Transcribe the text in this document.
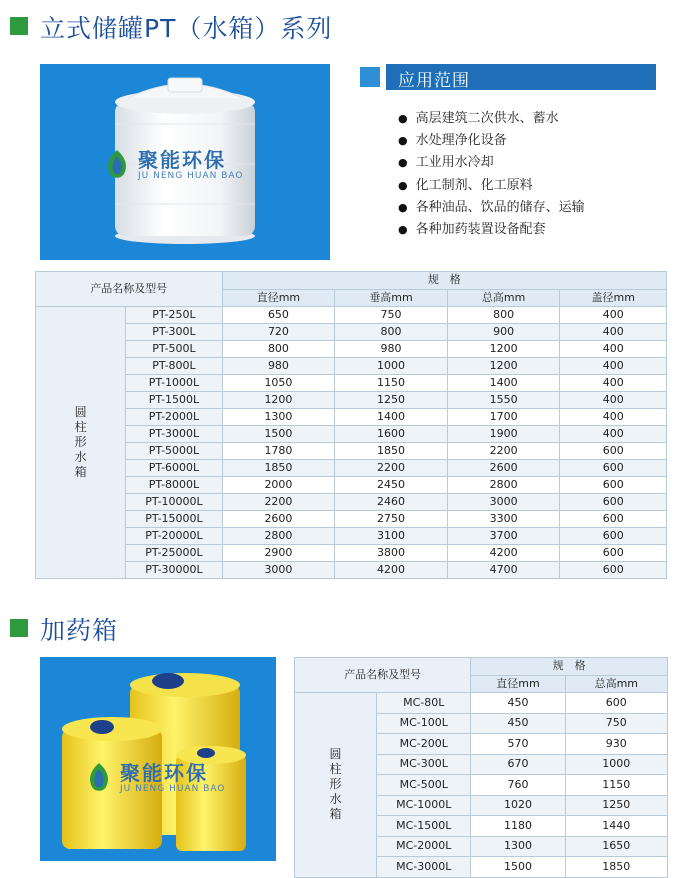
立式储罐PT（水箱）系列
聚能环保
JU NENG HUAN BAO
应用范围
● 高层建筑二次供水、蓄水
● 水处理净化设备
● 工业用水冷却
● 化工制剂、化工原料
● 各种油品、饮品的储存、运输
● 各种加药装置设备配套
产品名称及型号		规　格			
		直径mm	垂高mm	总高mm	盖径mm
圆柱形水箱	PT-250L	650	750	800	400
	PT-300L	720	800	900	400
	PT-500L	800	980	1200	400
	PT-800L	980	1000	1200	400
	PT-1000L	1050	1150	1400	400
	PT-1500L	1200	1250	1550	400
	PT-2000L	1300	1400	1700	400
	PT-3000L	1500	1600	1900	400
	PT-5000L	1780	1850	2200	600
	PT-6000L	1850	2200	2600	600
	PT-8000L	2000	2450	2800	600
	PT-10000L	2200	2460	3000	600
	PT-15000L	2600	2750	3300	600
	PT-20000L	2800	3100	3700	600
	PT-25000L	2900	3800	4200	600
	PT-30000L	3000	4200	4700	600
加药箱
聚能环保
JU NENG HUAN BAO
产品名称及型号		规　格	
		直径mm	总高mm
圆柱形水箱	MC-80L	450	600
	MC-100L	450	750
	MC-200L	570	930
	MC-300L	670	1000
	MC-500L	760	1150
	MC-1000L	1020	1250
	MC-1500L	1180	1440
	MC-2000L	1300	1650
	MC-3000L	1500	1850
